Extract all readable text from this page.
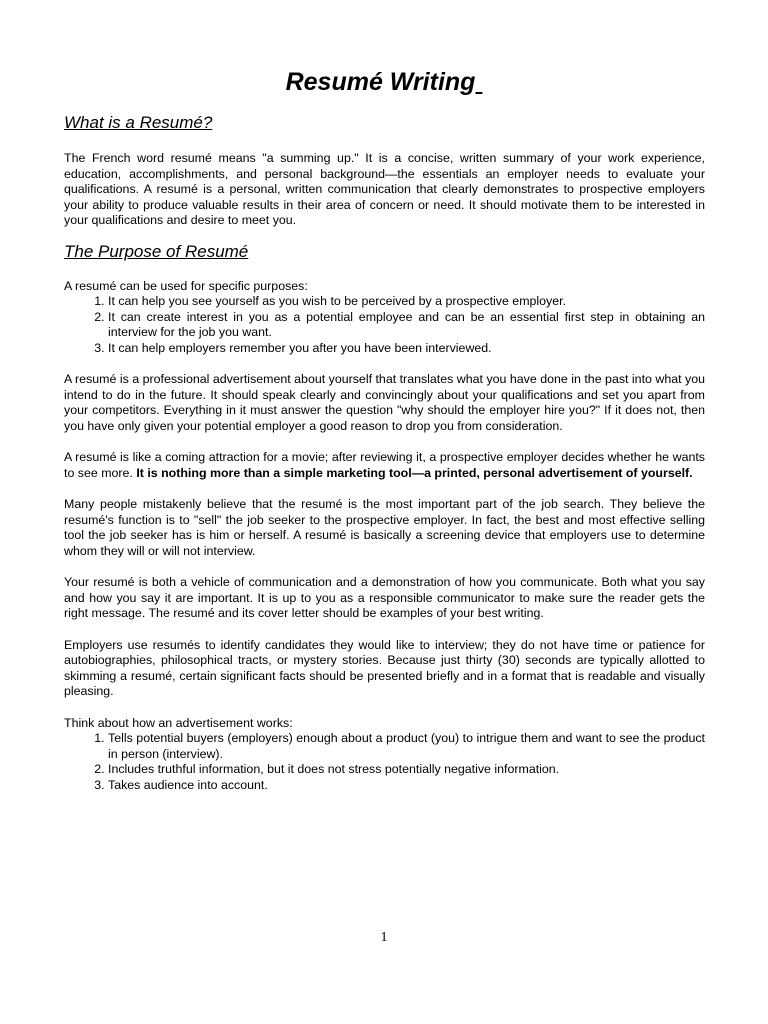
Resumé Writing
What is a Resumé?

The French word resumé means "a summing up." It is a concise, written summary of your work experience, education, accomplishments, and personal background—the essentials an employer needs to evaluate your qualifications. A resumé is a personal, written communication that clearly demonstrates to prospective employers your ability to produce valuable results in their area of concern or need. It should motivate them to be interested in your qualifications and desire to meet you.

The Purpose of Resumé

A resumé can be used for specific purposes:

1. It can help you see yourself as you wish to be perceived by a prospective employer.
2. It can create interest in you as a potential employee and can be an essential first step in obtaining an interview for the job you want.
3. It can help employers remember you after you have been interviewed.

A resumé is a professional advertisement about yourself that translates what you have done in the past into what you intend to do in the future. It should speak clearly and convincingly about your qualifications and set you apart from your competitors. Everything in it must answer the question "why should the employer hire you?" If it does not, then you have only given your potential employer a good reason to drop you from consideration.

A resumé is like a coming attraction for a movie; after reviewing it, a prospective employer decides whether he wants to see more. It is nothing more than a simple marketing tool—a printed, personal advertisement of yourself.

Many people mistakenly believe that the resumé is the most important part of the job search. They believe the resumé's function is to "sell" the job seeker to the prospective employer. In fact, the best and most effective selling tool the job seeker has is him or herself. A resumé is basically a screening device that employers use to determine whom they will or will not interview.

Your resumé is both a vehicle of communication and a demonstration of how you communicate. Both what you say and how you say it are important. It is up to you as a responsible communicator to make sure the reader gets the right message. The resumé and its cover letter should be examples of your best writing.

Employers use resumés to identify candidates they would like to interview; they do not have time or patience for autobiographies, philosophical tracts, or mystery stories. Because just thirty (30) seconds are typically allotted to skimming a resumé, certain significant facts should be presented briefly and in a format that is readable and visually pleasing.

Think about how an advertisement works:

1. Tells potential buyers (employers) enough about a product (you) to intrigue them and want to see the product in person (interview).
2. Includes truthful information, but it does not stress potentially negative information.
3. Takes audience into account.
1
